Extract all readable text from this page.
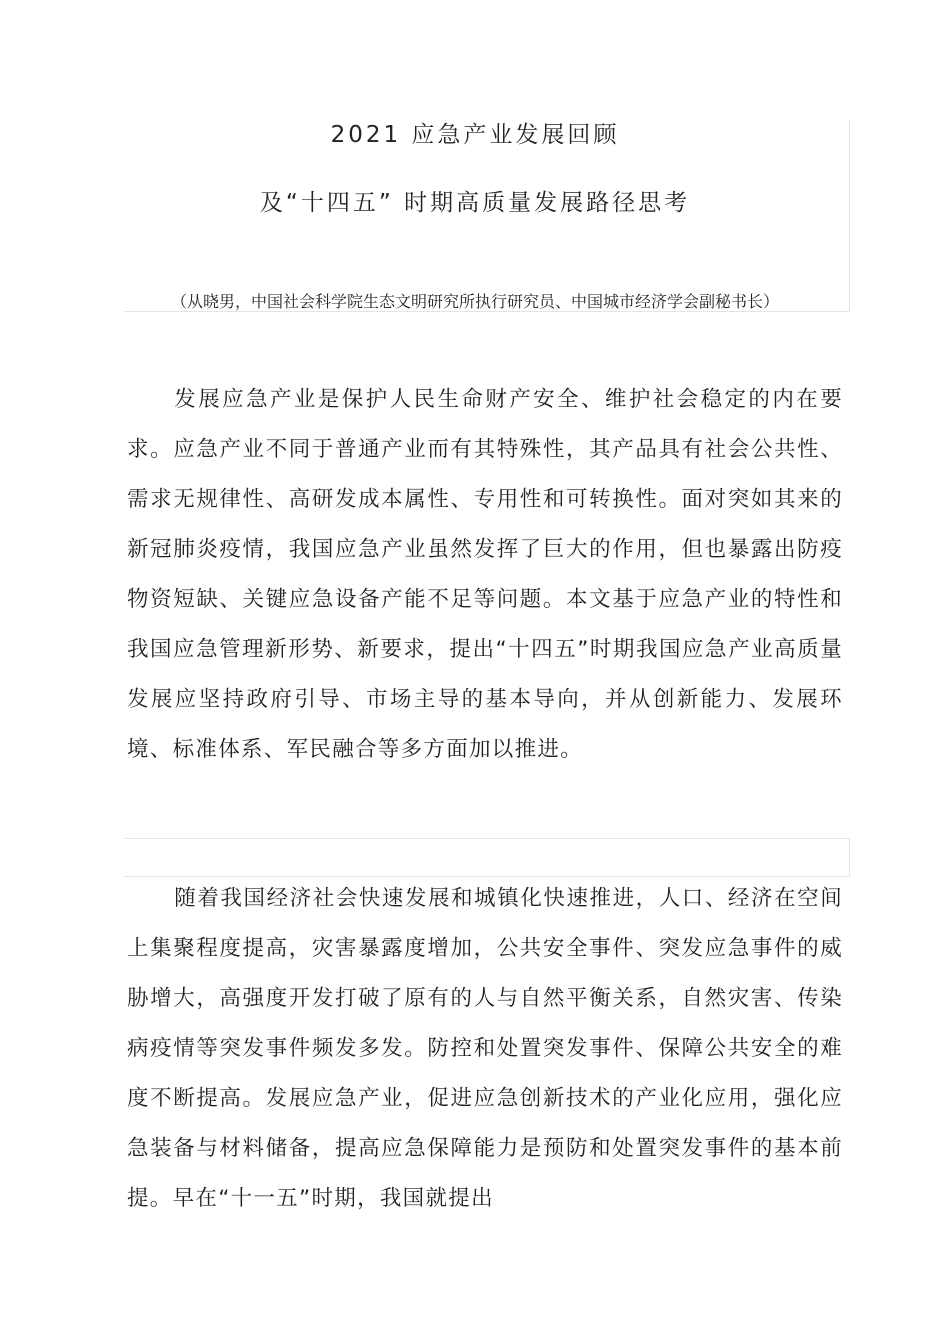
2021 应急产业发展回顾
及“十四五” 时期高质量发展路径思考
（从晓男，中国社会科学院生态文明研究所执行研究员、中国城市经济学会副秘书长）

发展应急产业是保护人民生命财产安全、维护社会稳定的内在要求。应急产业不同于普通产业而有其特殊性，其产品具有社会公共性、需求无规律性、高研发成本属性、专用性和可转换性。面对突如其来的新冠肺炎疫情，我国应急产业虽然发挥了巨大的作用，但也暴露出防疫物资短缺、关键应急设备产能不足等问题。本文基于应急产业的特性和我国应急管理新形势、新要求，提出“十四五”时期我国应急产业高质量发展应坚持政府引导、市场主导的基本导向，并从创新能力、发展环境、标准体系、军民融合等多方面加以推进。

随着我国经济社会快速发展和城镇化快速推进，人口、经济在空间上集聚程度提高，灾害暴露度增加，公共安全事件、突发应急事件的威胁增大，高强度开发打破了原有的人与自然平衡关系，自然灾害、传染病疫情等突发事件频发多发。防控和处置突发事件、保障公共安全的难度不断提高。发展应急产业，促进应急创新技术的产业化应用，强化应急装备与材料储备，提高应急保障能力是预防和处置突发事件的基本前提。早在“十一五”时期，我国就提出
